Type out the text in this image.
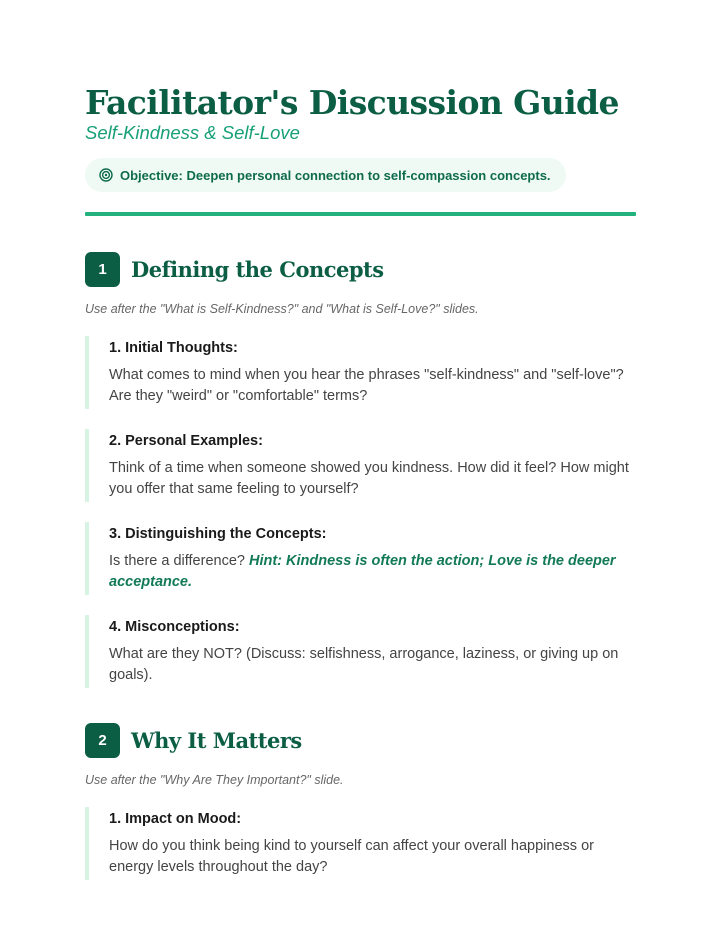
Facilitator's Discussion Guide
Self-Kindness & Self-Love
Objective: Deepen personal connection to self-compassion concepts.
1	Defining the Concepts
Use after the "What is Self-Kindness?" and "What is Self-Love?" slides.
1. Initial Thoughts:
What comes to mind when you hear the phrases "self-kindness" and "self-love"? Are they "weird" or "comfortable" terms?
2. Personal Examples:
Think of a time when someone showed you kindness. How did it feel? How might you offer that same feeling to yourself?
3. Distinguishing the Concepts:
Is there a difference? Hint: Kindness is often the action; Love is the deeper acceptance.
4. Misconceptions:
What are they NOT? (Discuss: selfishness, arrogance, laziness, or giving up on goals).
2	Why It Matters
Use after the "Why Are They Important?" slide.
1. Impact on Mood:
How do you think being kind to yourself can affect your overall happiness or energy levels throughout the day?
